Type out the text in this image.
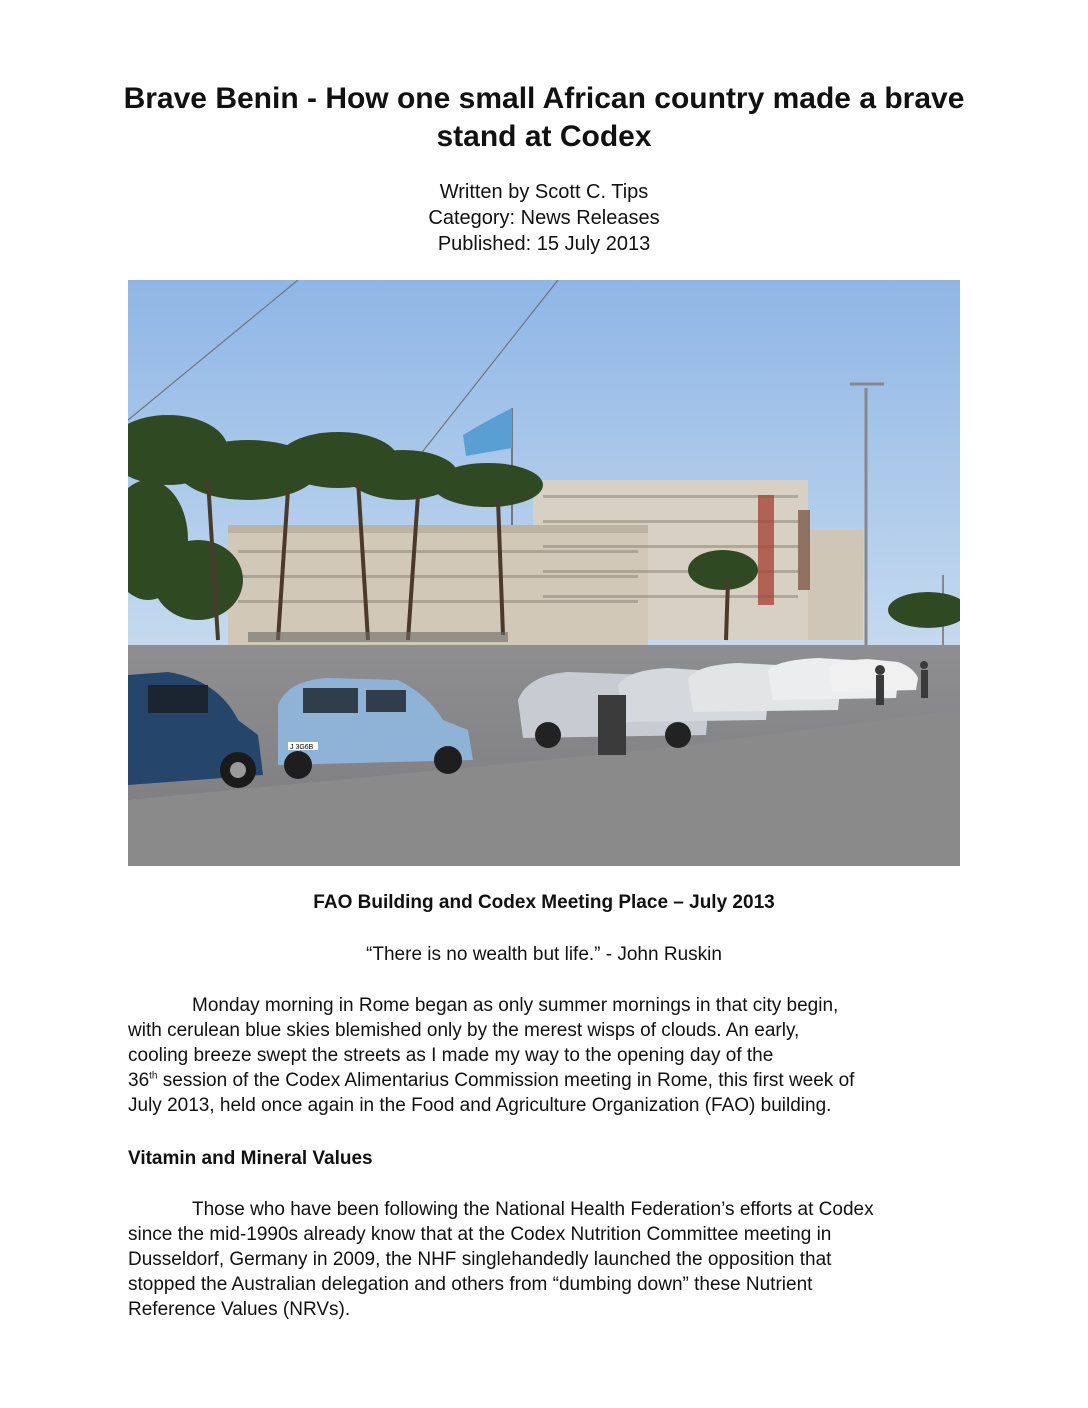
Brave Benin - How one small African country made a brave stand at Codex
Written by Scott C. Tips
Category: News Releases
Published: 15 July 2013
J 3G6B
FAO Building and Codex Meeting Place – July 2013
“There is no wealth but life.” - John Ruskin
Monday morning in Rome began as only summer mornings in that city begin,
with cerulean blue skies blemished only by the merest wisps of clouds. An early,
cooling breeze swept the streets as I made my way to the opening day of the
36th session of the Codex Alimentarius Commission meeting in Rome, this first week of
July 2013, held once again in the Food and Agriculture Organization (FAO) building.
Vitamin and Mineral Values
Those who have been following the National Health Federation’s efforts at Codex
since the mid-1990s already know that at the Codex Nutrition Committee meeting in
Dusseldorf, Germany in 2009, the NHF singlehandedly launched the opposition that
stopped the Australian delegation and others from “dumbing down” these Nutrient
Reference Values (NRVs).
